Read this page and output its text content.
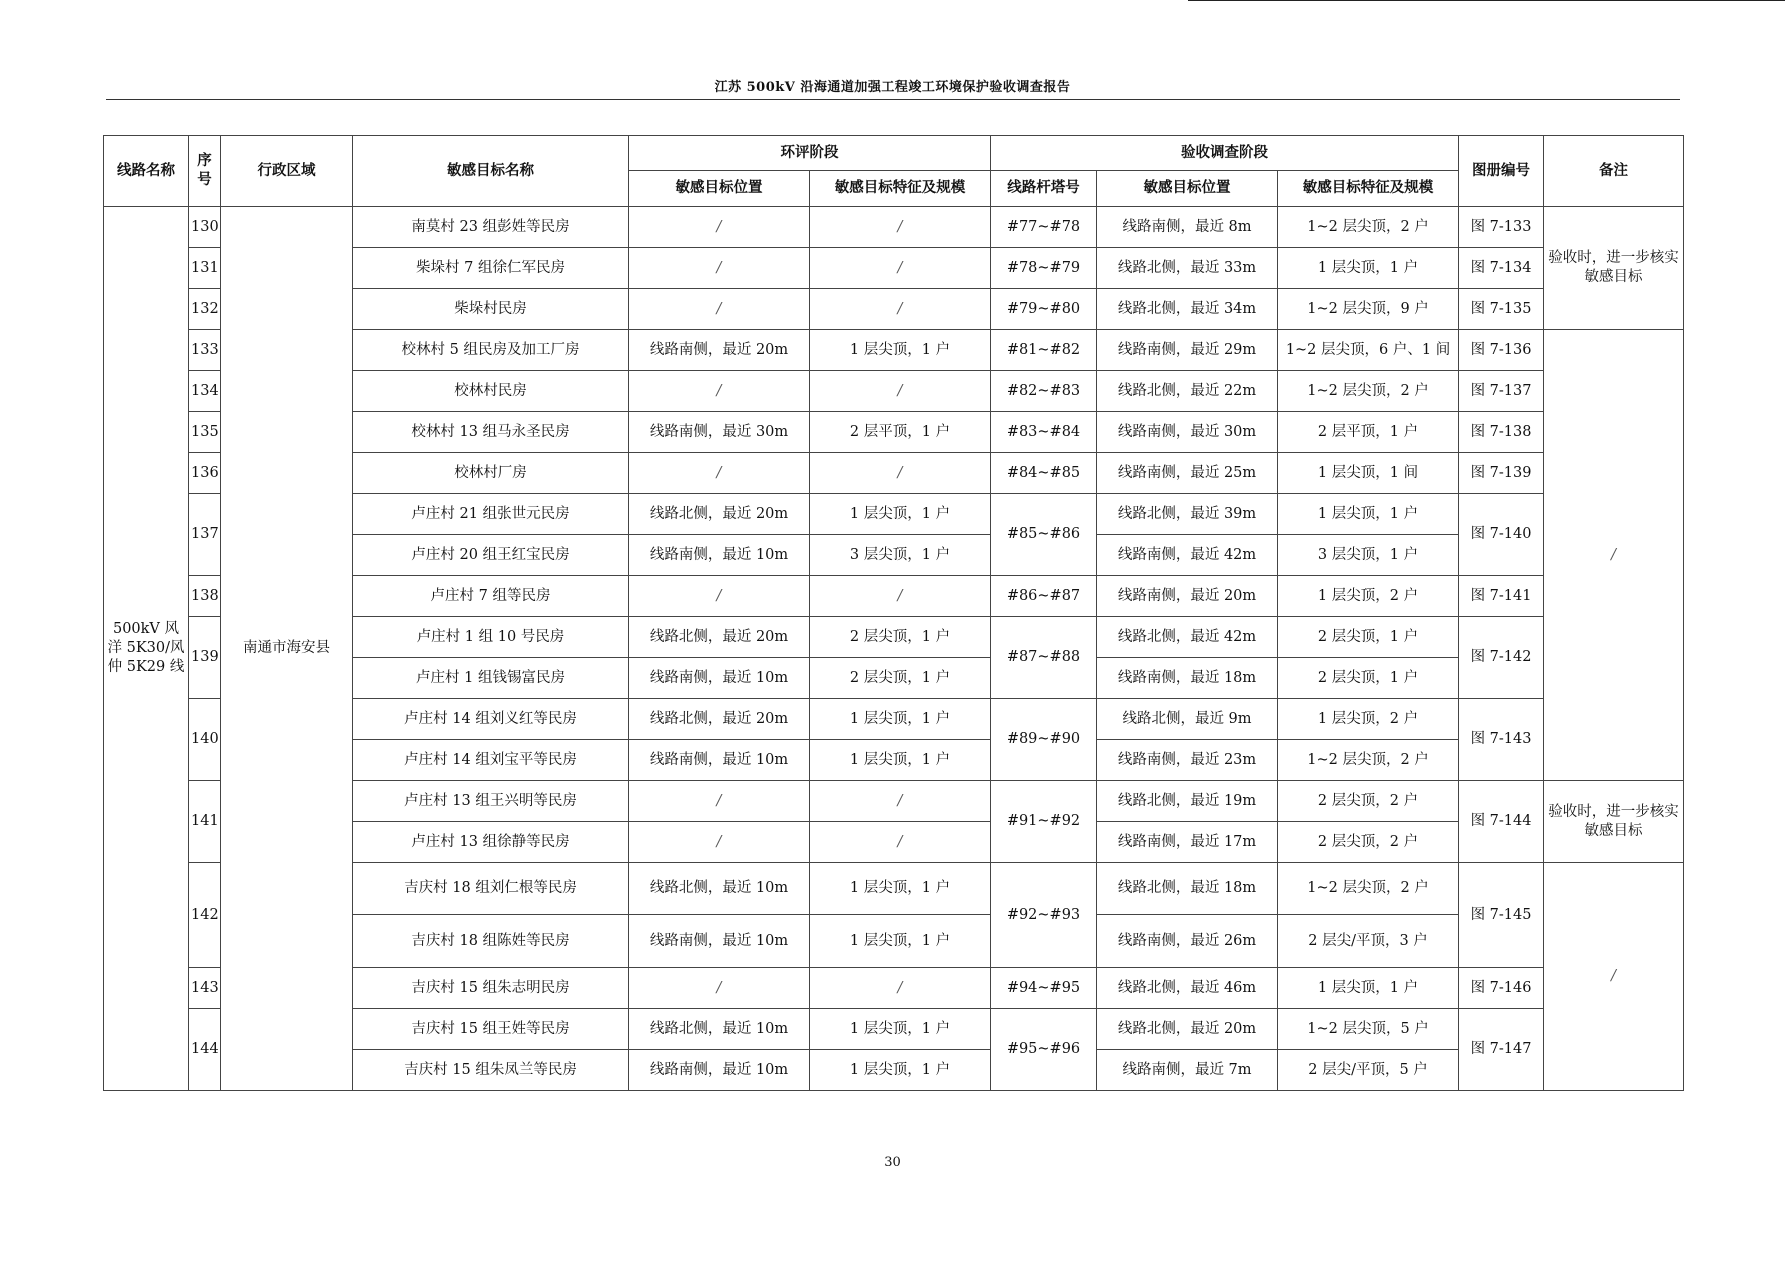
江苏 500kV 沿海通道加强工程竣工环境保护验收调查报告
线路名称	序号	行政区域	敏感目标名称	环评阶段		验收调查阶段			图册编号	备注
				敏感目标位置	敏感目标特征及规模	线路杆塔号	敏感目标位置	敏感目标特征及规模		
500kV 风洋 5K30/风仲 5K29 线	130	南通市海安县	南莫村 23 组彭姓等民房	/	/	#77~#78	线路南侧，最近 8m	1~2 层尖顶，2 户	图 7-133	验收时，进一步核实敏感目标
	131		柴垛村 7 组徐仁军民房	/	/	#78~#79	线路北侧，最近 33m	1 层尖顶，1 户	图 7-134	
	132		柴垛村民房	/	/	#79~#80	线路北侧，最近 34m	1~2 层尖顶，9 户	图 7-135	
	133		校林村 5 组民房及加工厂房	线路南侧，最近 20m	1 层尖顶，1 户	#81~#82	线路南侧，最近 29m	1~2 层尖顶，6 户、1 间	图 7-136	/
	134		校林村民房	/	/	#82~#83	线路北侧，最近 22m	1~2 层尖顶，2 户	图 7-137	
	135		校林村 13 组马永圣民房	线路南侧，最近 30m	2 层平顶，1 户	#83~#84	线路南侧，最近 30m	2 层平顶，1 户	图 7-138	
	136		校林村厂房	/	/	#84~#85	线路南侧，最近 25m	1 层尖顶，1 间	图 7-139	
	137		卢庄村 21 组张世元民房	线路北侧，最近 20m	1 层尖顶，1 户	#85~#86	线路北侧，最近 39m	1 层尖顶，1 户	图 7-140	
			卢庄村 20 组王红宝民房	线路南侧，最近 10m	3 层尖顶，1 户		线路南侧，最近 42m	3 层尖顶，1 户		
	138		卢庄村 7 组等民房	/	/	#86~#87	线路南侧，最近 20m	1 层尖顶，2 户	图 7-141	
	139		卢庄村 1 组 10 号民房	线路北侧，最近 20m	2 层尖顶，1 户	#87~#88	线路北侧，最近 42m	2 层尖顶，1 户	图 7-142	
			卢庄村 1 组钱锡富民房	线路南侧，最近 10m	2 层尖顶，1 户		线路南侧，最近 18m	2 层尖顶，1 户		
	140		卢庄村 14 组刘义红等民房	线路北侧，最近 20m	1 层尖顶，1 户	#89~#90	线路北侧，最近 9m	1 层尖顶，2 户	图 7-143	
			卢庄村 14 组刘宝平等民房	线路南侧，最近 10m	1 层尖顶，1 户		线路南侧，最近 23m	1~2 层尖顶，2 户		
	141		卢庄村 13 组王兴明等民房	/	/	#91~#92	线路北侧，最近 19m	2 层尖顶，2 户	图 7-144	验收时，进一步核实敏感目标
			卢庄村 13 组徐静等民房	/	/		线路南侧，最近 17m	2 层尖顶，2 户		
	142		吉庆村 18 组刘仁根等民房	线路北侧，最近 10m	1 层尖顶，1 户	#92~#93	线路北侧，最近 18m	1~2 层尖顶，2 户	图 7-145	/
			吉庆村 18 组陈姓等民房	线路南侧，最近 10m	1 层尖顶，1 户		线路南侧，最近 26m	2 层尖/平顶，3 户		
	143		吉庆村 15 组朱志明民房	/	/	#94~#95	线路北侧，最近 46m	1 层尖顶，1 户	图 7-146	
	144		吉庆村 15 组王姓等民房	线路北侧，最近 10m	1 层尖顶，1 户	#95~#96	线路北侧，最近 20m	1~2 层尖顶，5 户	图 7-147	
			吉庆村 15 组朱凤兰等民房	线路南侧，最近 10m	1 层尖顶，1 户		线路南侧，最近 7m	2 层尖/平顶，5 户		
30
